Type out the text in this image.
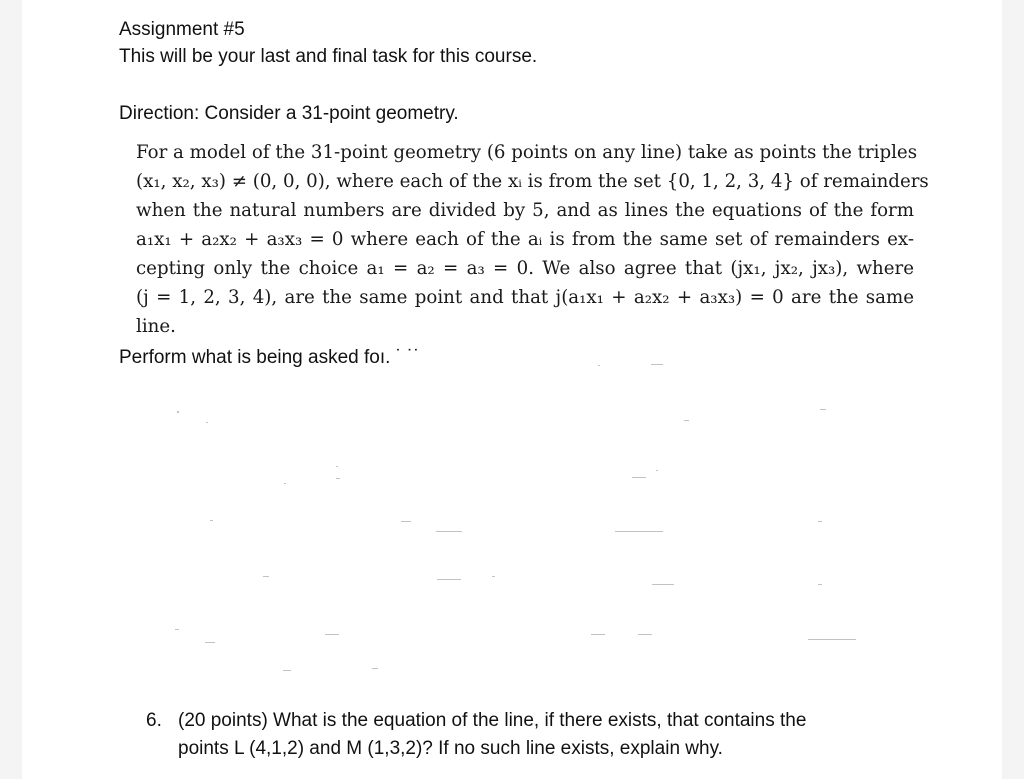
Assignment #5
This will be your last and final task for this course.
Direction: Consider a 31-point geometry.
For a model of the 31-point geometry (6 points on any line) take as points the triples
(x₁, x₂, x₃) ≠ (0, 0, 0), where each of the xᵢ is from the set {0, 1, 2, 3, 4} of remainders
when the natural numbers are divided by 5, and as lines the equations of the form
a₁x₁ + a₂x₂ + a₃x₃ = 0 where each of the aᵢ is from the same set of remainders ex-
cepting only the choice a₁ = a₂ = a₃ = 0. We also agree that (jx₁, jx₂, jx₃), where
(j = 1, 2, 3, 4), are the same point and that j(a₁x₁ + a₂x₂ + a₃x₃) = 0 are the same
line.
Perform what is being asked foı. ˙ ˙˙
6. (20 points) What is the equation of the line, if there exists, that contains the
points L (4,1,2) and M (1,3,2)? If no such line exists, explain why.
